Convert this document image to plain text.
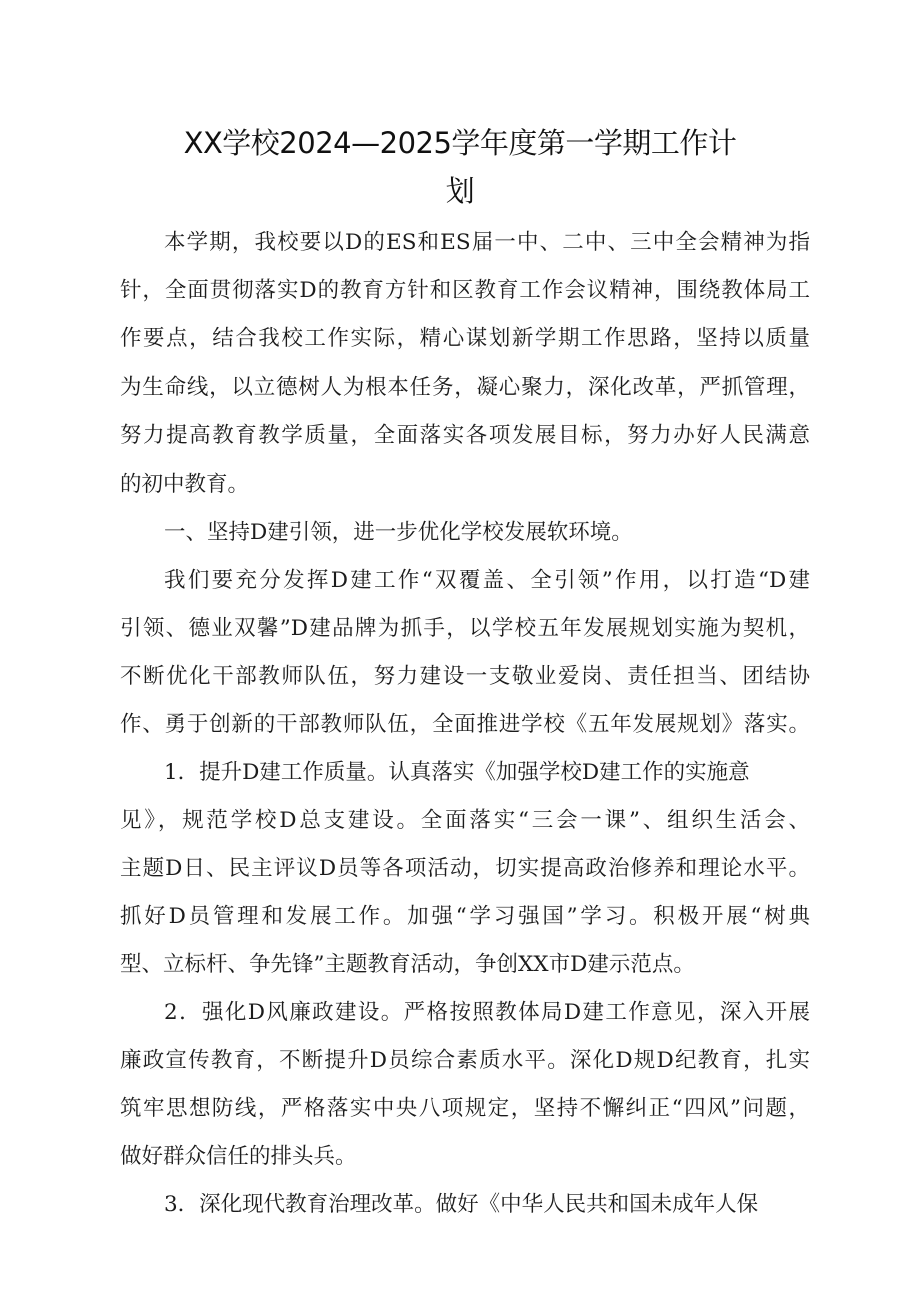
XX学校2024—2025学年度第一学期工作计
划
本学期，我校要以D的ES和ES届一中、二中、三中全会精神为指
针，全面贯彻落实D的教育方针和区教育工作会议精神，围绕教体局工
作要点，结合我校工作实际，精心谋划新学期工作思路，坚持以质量
为生命线，以立德树人为根本任务，凝心聚力，深化改革，严抓管理，
努力提高教育教学质量，全面落实各项发展目标，努力办好人民满意
的初中教育。
一、坚持D建引领，进一步优化学校发展软环境。
我们要充分发挥D建工作“双覆盖、全引领”作用，以打造“D建
引领、德业双馨”D建品牌为抓手，以学校五年发展规划实施为契机，
不断优化干部教师队伍，努力建设一支敬业爱岗、责任担当、团结协
作、勇于创新的干部教师队伍，全面推进学校《五年发展规划》落实。
1．提升D建工作质量。认真落实《加强学校D建工作的实施意
见》，规范学校D总支建设。全面落实“三会一课”、组织生活会、
主题D日、民主评议D员等各项活动，切实提高政治修养和理论水平。
抓好D员管理和发展工作。加强“学习强国”学习。积极开展“树典
型、立标杆、争先锋”主题教育活动，争创XX市D建示范点。
2．强化D风廉政建设。严格按照教体局D建工作意见，深入开展
廉政宣传教育，不断提升D员综合素质水平。深化D规D纪教育，扎实
筑牢思想防线，严格落实中央八项规定，坚持不懈纠正“四风”问题，
做好群众信任的排头兵。
3．深化现代教育治理改革。做好《中华人民共和国未成年人保
